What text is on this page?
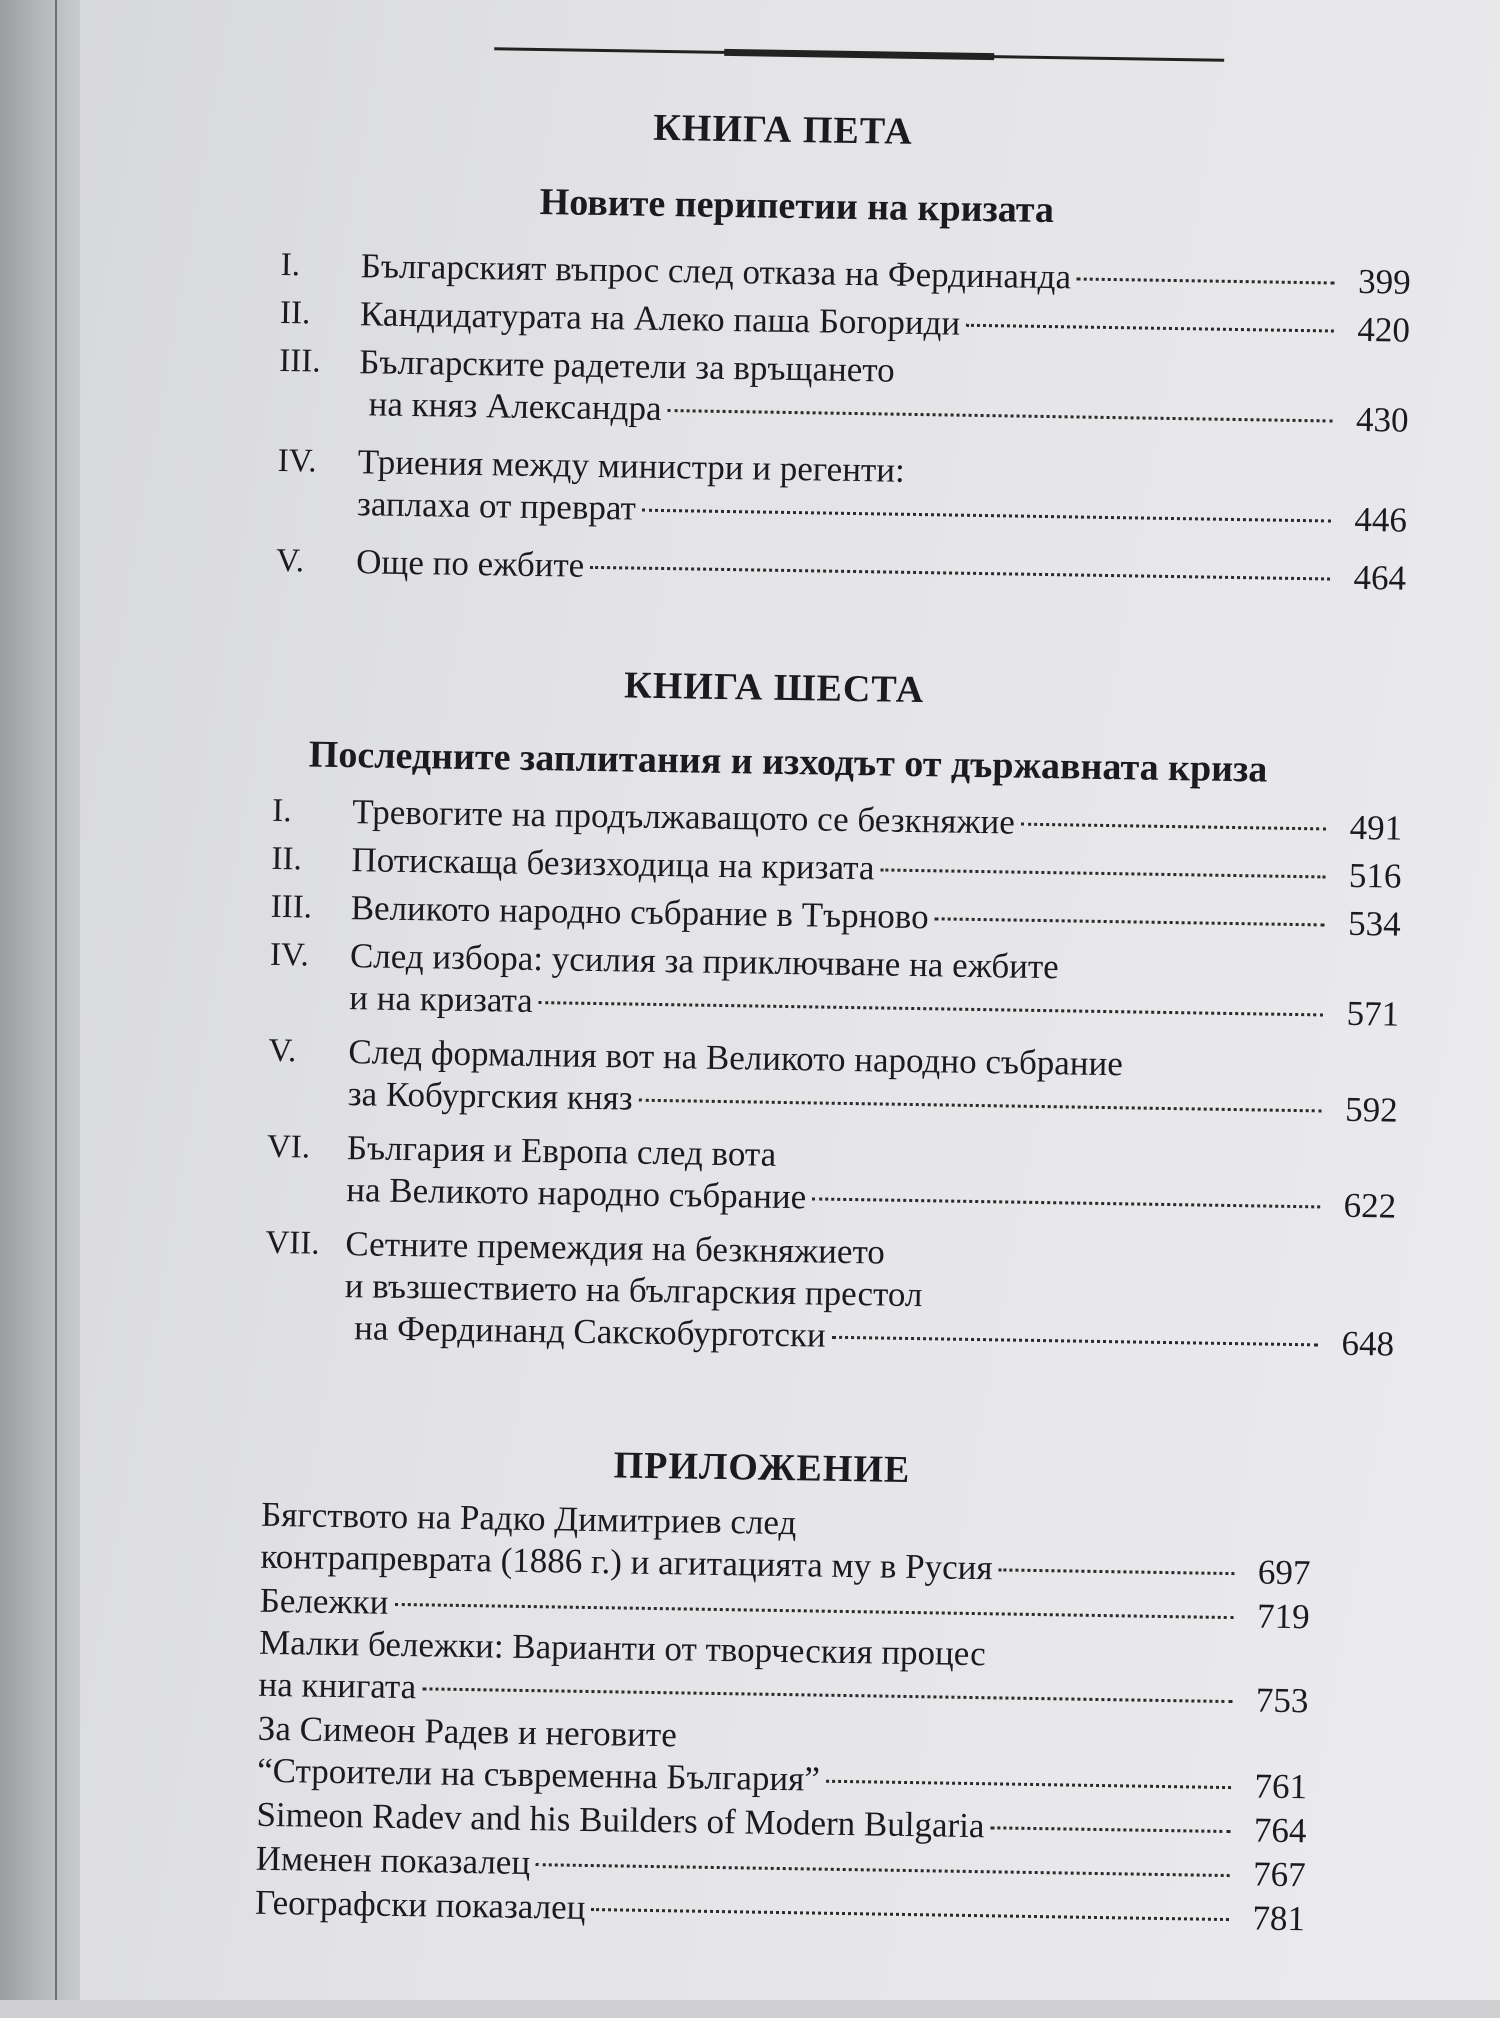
КНИГА ПЕТА
Новите перипетии на кризата
I.	Българският въпрос след отказа на Фердинанда	399
II.	Кандидатурата на Алеко паша Богориди	420
III.	Българските радетели за връщането
на княз Александра	430
IV.	Триения между министри и регенти:
заплаха от преврат	446
V.	Още по ежбите	464
КНИГА ШЕСТА
Последните заплитания и изходът от държавната криза
I.	Тревогите на продължаващото се безкняжие	491
II.	Потискаща безизходица на кризата	516
III.	Великото народно събрание в Търново	534
IV.	След избора: усилия за приключване на ежбите
и на кризата	571
V.	След формалния вот на Великото народно събрание
за Кобургския княз	592
VI.	България и Европа след вота
на Великото народно събрание	622
VII. Сетните премеждия на безкняжието
и възшествието на българския престол
на Фердинанд Сакскобурготски	648
ПРИЛОЖЕНИЕ
Бягството на Радко Димитриев след
контрапреврата (1886 г.) и агитацията му в Русия	697
Бележки	719
Малки бележки: Варианти от творческия процес
на книгата	753
За Симеон Радев и неговите
“Строители на съвременна България”	761
Simeon Radev and his Builders of Modern Bulgaria	764
Именен показалец	767
Географски показалец	781
